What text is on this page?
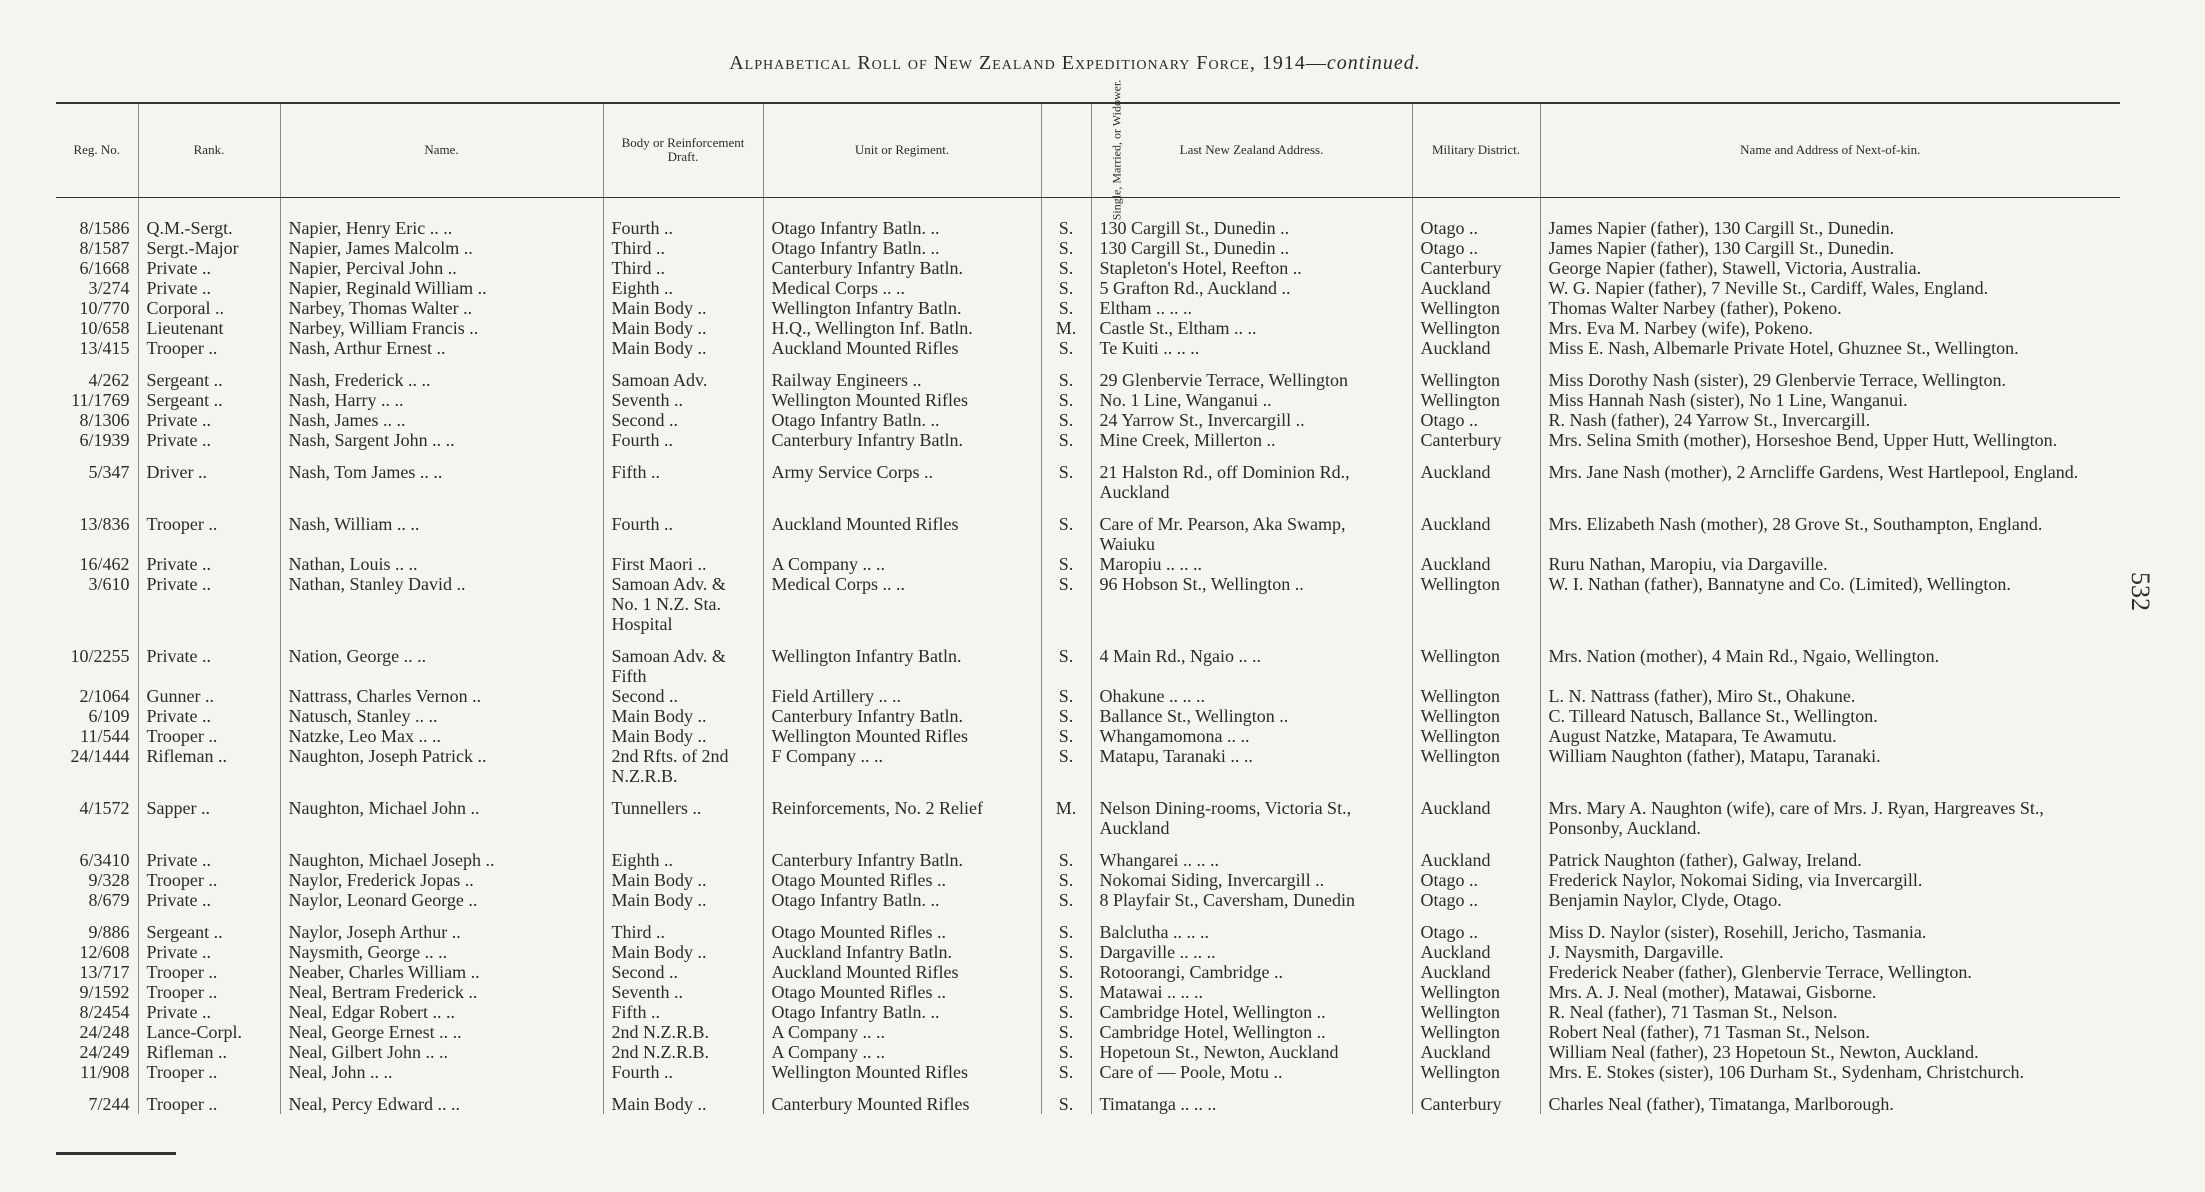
Alphabetical Roll of New Zealand Expeditionary Force, 1914—continued.
532
Reg. No.	Rank.	Name.	Body or Reinforcement Draft.	Unit or Regiment.	Single, Married, or Widower.	Last New Zealand Address.	Military District.	Name and Address of Next-of-kin.
8/1586	Q.M.-Sergt.	Napier, Henry Eric .. ..	Fourth ..	Otago Infantry Batln. ..	S.	130 Cargill St., Dunedin ..	Otago ..	James Napier (father), 130 Cargill St., Dunedin.
8/1587	Sergt.-Major	Napier, James Malcolm ..	Third ..	Otago Infantry Batln. ..	S.	130 Cargill St., Dunedin ..	Otago ..	James Napier (father), 130 Cargill St., Dunedin.
6/1668	Private ..	Napier, Percival John ..	Third ..	Canterbury Infantry Batln.	S.	Stapleton's Hotel, Reefton ..	Canterbury	George Napier (father), Stawell, Victoria, Australia.
3/274	Private ..	Napier, Reginald William ..	Eighth ..	Medical Corps .. ..	S.	5 Grafton Rd., Auckland ..	Auckland	W. G. Napier (father), 7 Neville St., Cardiff, Wales, England.
10/770	Corporal ..	Narbey, Thomas Walter ..	Main Body ..	Wellington Infantry Batln.	S.	Eltham .. .. ..	Wellington	Thomas Walter Narbey (father), Pokeno.
10/658	Lieutenant	Narbey, William Francis ..	Main Body ..	H.Q., Wellington Inf. Batln.	M.	Castle St., Eltham .. ..	Wellington	Mrs. Eva M. Narbey (wife), Pokeno.
13/415	Trooper ..	Nash, Arthur Ernest ..	Main Body ..	Auckland Mounted Rifles	S.	Te Kuiti .. .. ..	Auckland	Miss E. Nash, Albemarle Private Hotel, Ghuznee St., Wellington.
4/262	Sergeant ..	Nash, Frederick .. ..	Samoan Adv.	Railway Engineers ..	S.	29 Glenbervie Terrace, Wellington	Wellington	Miss Dorothy Nash (sister), 29 Glenbervie Terrace, Wellington.
11/1769	Sergeant ..	Nash, Harry .. ..	Seventh ..	Wellington Mounted Rifles	S.	No. 1 Line, Wanganui ..	Wellington	Miss Hannah Nash (sister), No 1 Line, Wanganui.
8/1306	Private ..	Nash, James .. ..	Second ..	Otago Infantry Batln. ..	S.	24 Yarrow St., Invercargill ..	Otago ..	R. Nash (father), 24 Yarrow St., Invercargill.
6/1939	Private ..	Nash, Sargent John .. ..	Fourth ..	Canterbury Infantry Batln.	S.	Mine Creek, Millerton ..	Canterbury	Mrs. Selina Smith (mother), Horseshoe Bend, Upper Hutt, Wellington.
5/347	Driver ..	Nash, Tom James .. ..	Fifth ..	Army Service Corps ..	S.	21 Halston Rd., off Dominion Rd., Auckland	Auckland	Mrs. Jane Nash (mother), 2 Arncliffe Gardens, West Hartlepool, England.
13/836	Trooper ..	Nash, William .. ..	Fourth ..	Auckland Mounted Rifles	S.	Care of Mr. Pearson, Aka Swamp, Waiuku	Auckland	Mrs. Elizabeth Nash (mother), 28 Grove St., Southampton, England.
16/462	Private ..	Nathan, Louis .. ..	First Maori ..	A Company .. ..	S.	Maropiu .. .. ..	Auckland	Ruru Nathan, Maropiu, via Dargaville.
3/610	Private ..	Nathan, Stanley David ..	Samoan Adv. & No. 1 N.Z. Sta. Hospital	Medical Corps .. ..	S.	96 Hobson St., Wellington ..	Wellington	W. I. Nathan (father), Bannatyne and Co. (Limited), Wellington.
10/2255	Private ..	Nation, George .. ..	Samoan Adv. & Fifth	Wellington Infantry Batln.	S.	4 Main Rd., Ngaio .. ..	Wellington	Mrs. Nation (mother), 4 Main Rd., Ngaio, Wellington.
2/1064	Gunner ..	Nattrass, Charles Vernon ..	Second ..	Field Artillery .. ..	S.	Ohakune .. .. ..	Wellington	L. N. Nattrass (father), Miro St., Ohakune.
6/109	Private ..	Natusch, Stanley .. ..	Main Body ..	Canterbury Infantry Batln.	S.	Ballance St., Wellington ..	Wellington	C. Tilleard Natusch, Ballance St., Wellington.
11/544	Trooper ..	Natzke, Leo Max .. ..	Main Body ..	Wellington Mounted Rifles	S.	Whangamomona .. ..	Wellington	August Natzke, Matapara, Te Awamutu.
24/1444	Rifleman ..	Naughton, Joseph Patrick ..	2nd Rfts. of 2nd N.Z.R.B.	F Company .. ..	S.	Matapu, Taranaki .. ..	Wellington	William Naughton (father), Matapu, Taranaki.
4/1572	Sapper ..	Naughton, Michael John ..	Tunnellers ..	Reinforcements, No. 2 Relief	M.	Nelson Dining-rooms, Victoria St., Auckland	Auckland	Mrs. Mary A. Naughton (wife), care of Mrs. J. Ryan, Hargreaves St., Ponsonby, Auckland.
6/3410	Private ..	Naughton, Michael Joseph ..	Eighth ..	Canterbury Infantry Batln.	S.	Whangarei .. .. ..	Auckland	Patrick Naughton (father), Galway, Ireland.
9/328	Trooper ..	Naylor, Frederick Jopas ..	Main Body ..	Otago Mounted Rifles ..	S.	Nokomai Siding, Invercargill ..	Otago ..	Frederick Naylor, Nokomai Siding, via Invercargill.
8/679	Private ..	Naylor, Leonard George ..	Main Body ..	Otago Infantry Batln. ..	S.	8 Playfair St., Caversham, Dunedin	Otago ..	Benjamin Naylor, Clyde, Otago.
9/886	Sergeant ..	Naylor, Joseph Arthur ..	Third ..	Otago Mounted Rifles ..	S.	Balclutha .. .. ..	Otago ..	Miss D. Naylor (sister), Rosehill, Jericho, Tasmania.
12/608	Private ..	Naysmith, George .. ..	Main Body ..	Auckland Infantry Batln.	S.	Dargaville .. .. ..	Auckland	J. Naysmith, Dargaville.
13/717	Trooper ..	Neaber, Charles William ..	Second ..	Auckland Mounted Rifles	S.	Rotoorangi, Cambridge ..	Auckland	Frederick Neaber (father), Glenbervie Terrace, Wellington.
9/1592	Trooper ..	Neal, Bertram Frederick ..	Seventh ..	Otago Mounted Rifles ..	S.	Matawai .. .. ..	Wellington	Mrs. A. J. Neal (mother), Matawai, Gisborne.
8/2454	Private ..	Neal, Edgar Robert .. ..	Fifth ..	Otago Infantry Batln. ..	S.	Cambridge Hotel, Wellington ..	Wellington	R. Neal (father), 71 Tasman St., Nelson.
24/248	Lance-Corpl.	Neal, George Ernest .. ..	2nd N.Z.R.B.	A Company .. ..	S.	Cambridge Hotel, Wellington ..	Wellington	Robert Neal (father), 71 Tasman St., Nelson.
24/249	Rifleman ..	Neal, Gilbert John .. ..	2nd N.Z.R.B.	A Company .. ..	S.	Hopetoun St., Newton, Auckland	Auckland	William Neal (father), 23 Hopetoun St., Newton, Auckland.
11/908	Trooper ..	Neal, John .. ..	Fourth ..	Wellington Mounted Rifles	S.	Care of — Poole, Motu ..	Wellington	Mrs. E. Stokes (sister), 106 Durham St., Sydenham, Christchurch.
7/244	Trooper ..	Neal, Percy Edward .. ..	Main Body ..	Canterbury Mounted Rifles	S.	Timatanga .. .. ..	Canterbury	Charles Neal (father), Timatanga, Marlborough.
